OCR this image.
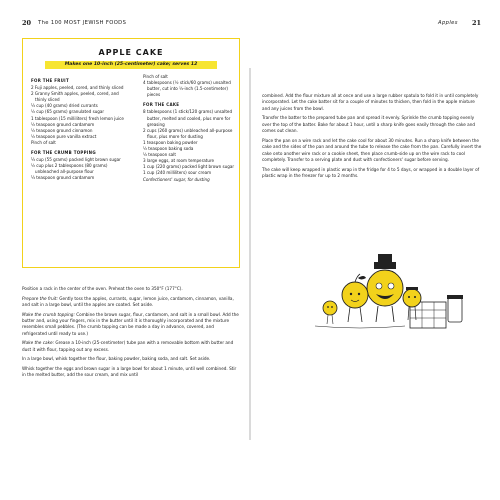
20 The 100 MOST JEWISH FOODS	Apples 21
APPLE CAKE
Makes one 10-inch (25-centimeter) cake; serves 12
FOR THE FRUIT
2 Fuji apples, peeled, cored, and thinly sliced
2 Granny Smith apples, peeled, cored, and thinly sliced
¼ cup (40 grams) dried currants
½ cup (65 grams) granulated sugar
1 tablespoon (15 milliliters) fresh lemon juice
½ teaspoon ground cardamom
½ teaspoon ground cinnamon
½ teaspoon pure vanilla extract
Pinch of salt
FOR THE CRUMB TOPPING
¼ cup (55 grams) packed light brown sugar
½ cup plus 2 tablespoons (80 grams) unbleached all-purpose flour
¼ teaspoon ground cardamom
Pinch of salt
4 tablespoons (½ stick/60 grams) unsalted butter, cut into ½-inch (1.5-centimeter) pieces
FOR THE CAKE
8 tablespoons (1 stick/120 grams) unsalted butter, melted and cooled, plus more for greasing
2 cups (260 grams) unbleached all-purpose flour, plus more for dusting
1 teaspoon baking powder
½ teaspoon baking soda
½ teaspoon salt
3 large eggs, at room temperature
1 cup (220 grams) packed light brown sugar
1 cup (240 milliliters) sour cream
Confectioners' sugar, for dusting

Position a rack in the center of the oven. Preheat the oven to 350°F (177°C).

Prepare the fruit: Gently toss the apples, currants, sugar, lemon juice, cardamom, cinnamon, vanilla, and salt in a large bowl, until the apples are coated. Set aside.

Make the crumb topping: Combine the brown sugar, flour, cardamom, and salt in a small bowl. Add the butter and, using your fingers, mix in the butter until it is thoroughly incorporated and the mixture resembles small pebbles. (The crumb topping can be made a day in advance, covered, and refrigerated until ready to use.)

Make the cake: Grease a 10-inch (25-centimeter) tube pan with a removable bottom with butter and dust it with flour, tapping out any excess.

In a large bowl, whisk together the flour, baking powder, baking soda, and salt. Set aside.

Whisk together the eggs and brown sugar in a large bowl for about 1 minute, until well combined. Stir in the melted butter, add the sour cream, and mix until

combined. Add the flour mixture all at once and use a large rubber spatula to fold it in until completely incorporated. Let the cake batter sit for a couple of minutes to thicken, then fold in the apple mixture and any juices from the bowl.

Transfer the batter to the prepared tube pan and spread it evenly. Sprinkle the crumb topping evenly over the top of the batter. Bake for about 1 hour, until a sharp knife goes easily through the cake and comes out clean.

Place the pan on a wire rack and let the cake cool for about 30 minutes. Run a sharp knife between the cake and the sides of the pan and around the tube to release the cake from the pan. Carefully invert the cake onto another wire rack or a cookie sheet, then place crumb-side up on the wire rack to cool completely. Transfer to a serving plate and dust with confectioners' sugar before serving.

The cake will keep wrapped in plastic wrap in the fridge for 4 to 5 days, or wrapped in a double layer of plastic wrap in the freezer for up to 2 months.
